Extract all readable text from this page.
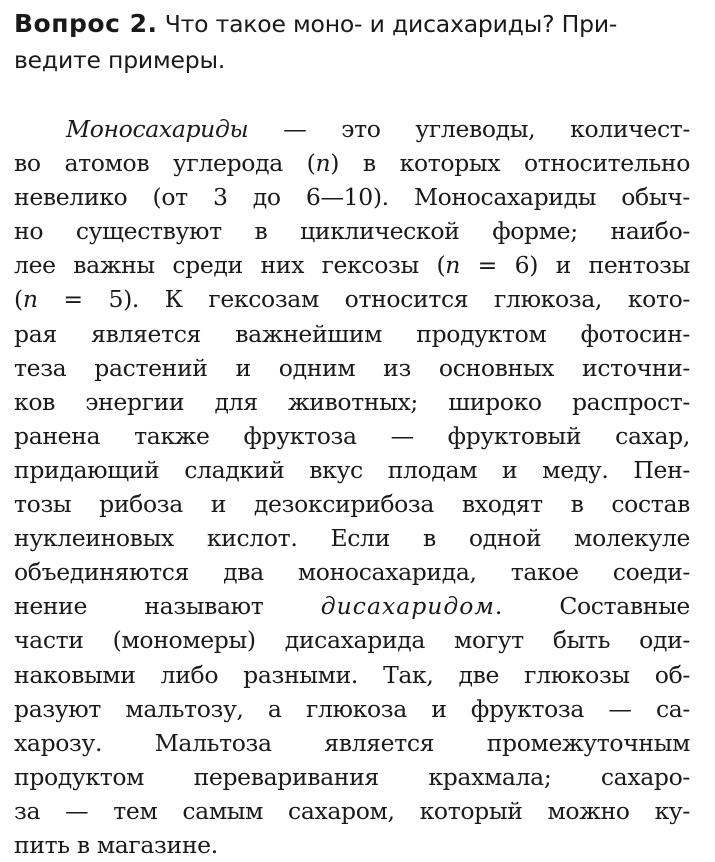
Вопрос 2. Что такое моно- и дисахариды? При-
ведите примеры.

Моносахариды — это углеводы, количест-
во атомов углерода (n) в которых относительно
невелико (от 3 до 6—10). Моносахариды обыч-
но существуют в циклической форме; наибо-
лее важны среди них гексозы (n = 6) и пентозы
(n = 5). К гексозам относится глюкоза, кото-
рая является важнейшим продуктом фотосин-
теза растений и одним из основных источни-
ков энергии для животных; широко распрост-
ранена также фруктоза — фруктовый сахар,
придающий сладкий вкус плодам и меду. Пен-
тозы рибоза и дезоксирибоза входят в состав
нуклеиновых кислот. Если в одной молекуле
объединяются два моносахарида, такое соеди-
нение называют дисахаридом. Составные
части (мономеры) дисахарида могут быть оди-
наковыми либо разными. Так, две глюкозы об-
разуют мальтозу, а глюкоза и фруктоза — са-
харозу. Мальтоза является промежуточным
продуктом переваривания крахмала; сахаро-
за — тем самым сахаром, который можно ку-
пить в магазине.
